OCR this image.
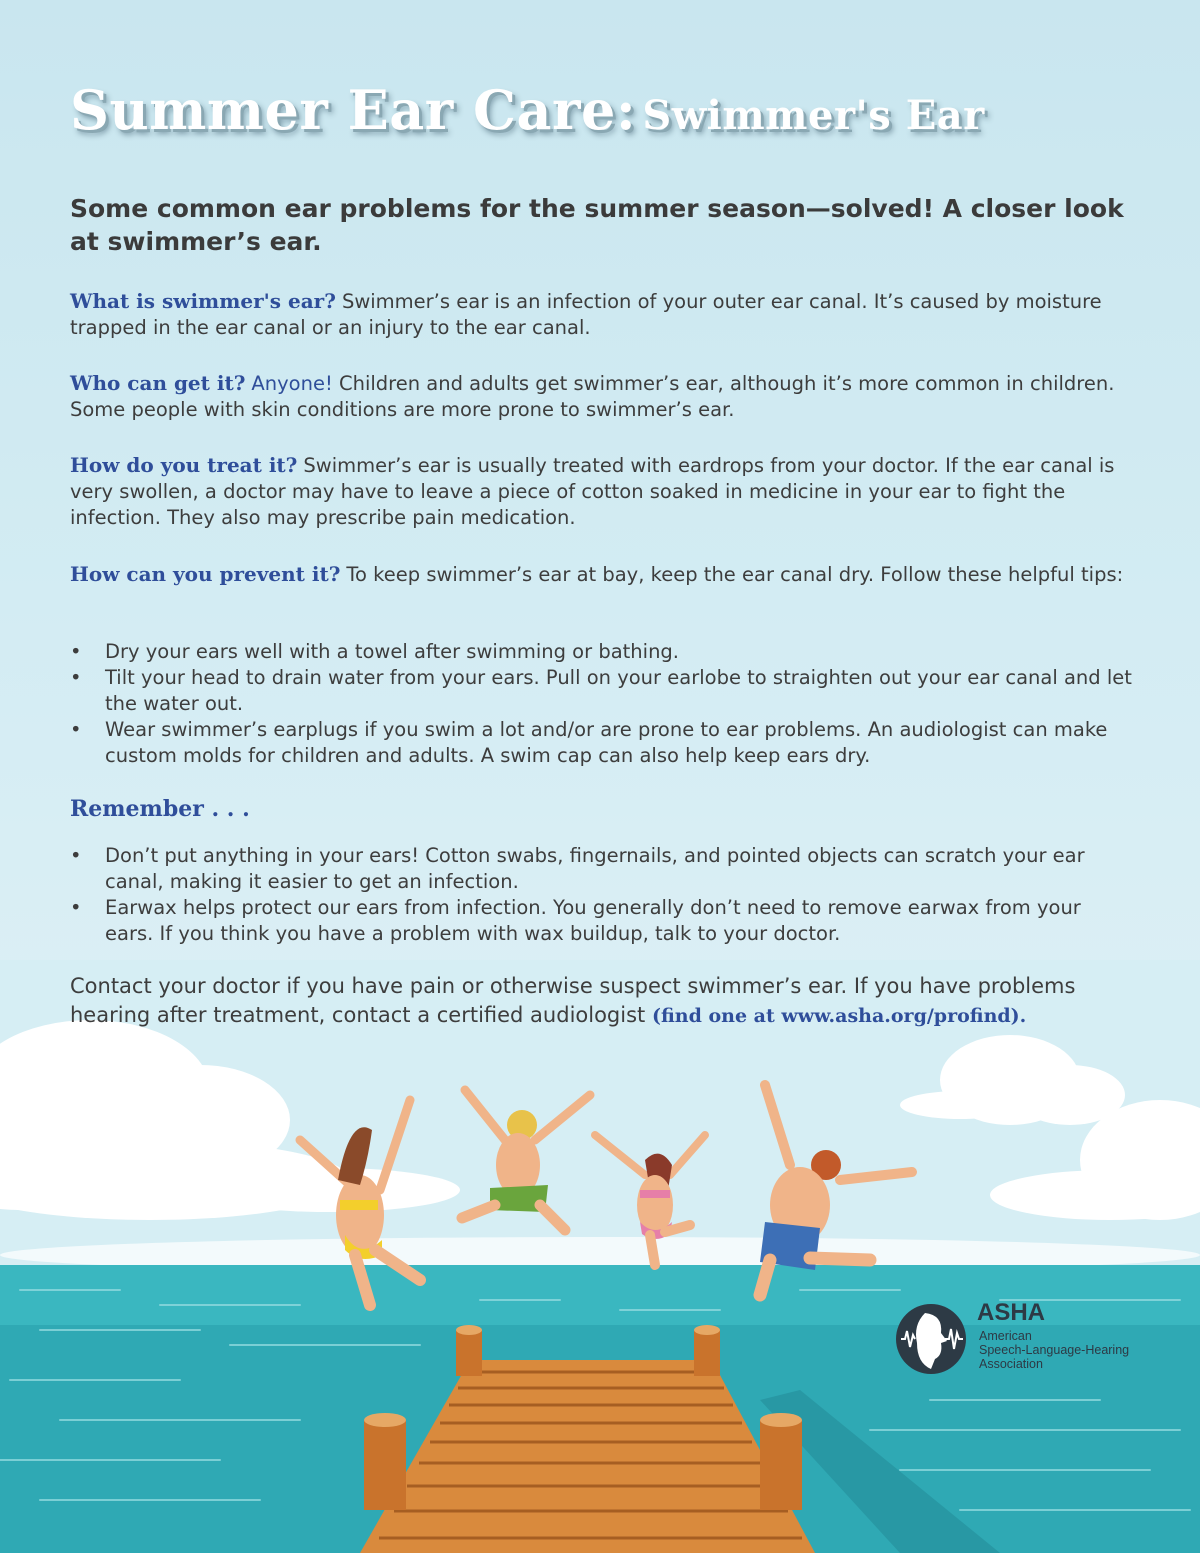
Summer Ear Care: Swimmer's Ear
Some common ear problems for the summer season—solved! A closer look at swimmer’s ear.
What is swimmer's ear? Swimmer’s ear is an infection of your outer ear canal. It’s caused by moisture trapped in the ear canal or an injury to the ear canal.
Who can get it? Anyone! Children and adults get swimmer’s ear, although it’s more common in children. Some people with skin conditions are more prone to swimmer’s ear.
How do you treat it? Swimmer’s ear is usually treated with eardrops from your doctor. If the ear canal is very swollen, a doctor may have to leave a piece of cotton soaked in medicine in your ear to fight the infection. They also may prescribe pain medication.
How can you prevent it? To keep swimmer’s ear at bay, keep the ear canal dry. Follow these helpful tips:
• Dry your ears well with a towel after swimming or bathing.
• Tilt your head to drain water from your ears. Pull on your earlobe to straighten out your ear canal and let the water out.
• Wear swimmer’s earplugs if you swim a lot and/or are prone to ear problems. An audiologist can make custom molds for children and adults. A swim cap can also help keep ears dry.
Remember . . .
• Don’t put anything in your ears! Cotton swabs, fingernails, and pointed objects can scratch your ear canal, making it easier to get an infection.
• Earwax helps protect our ears from infection. You generally don’t need to remove earwax from your ears. If you think you have a problem with wax buildup, talk to your doctor.
Contact your doctor if you have pain or otherwise suspect swimmer’s ear. If you have problems hearing after treatment, contact a certified audiologist (find one at www.asha.org/profind).
ASHA
American
Speech-Language-Hearing
Association
